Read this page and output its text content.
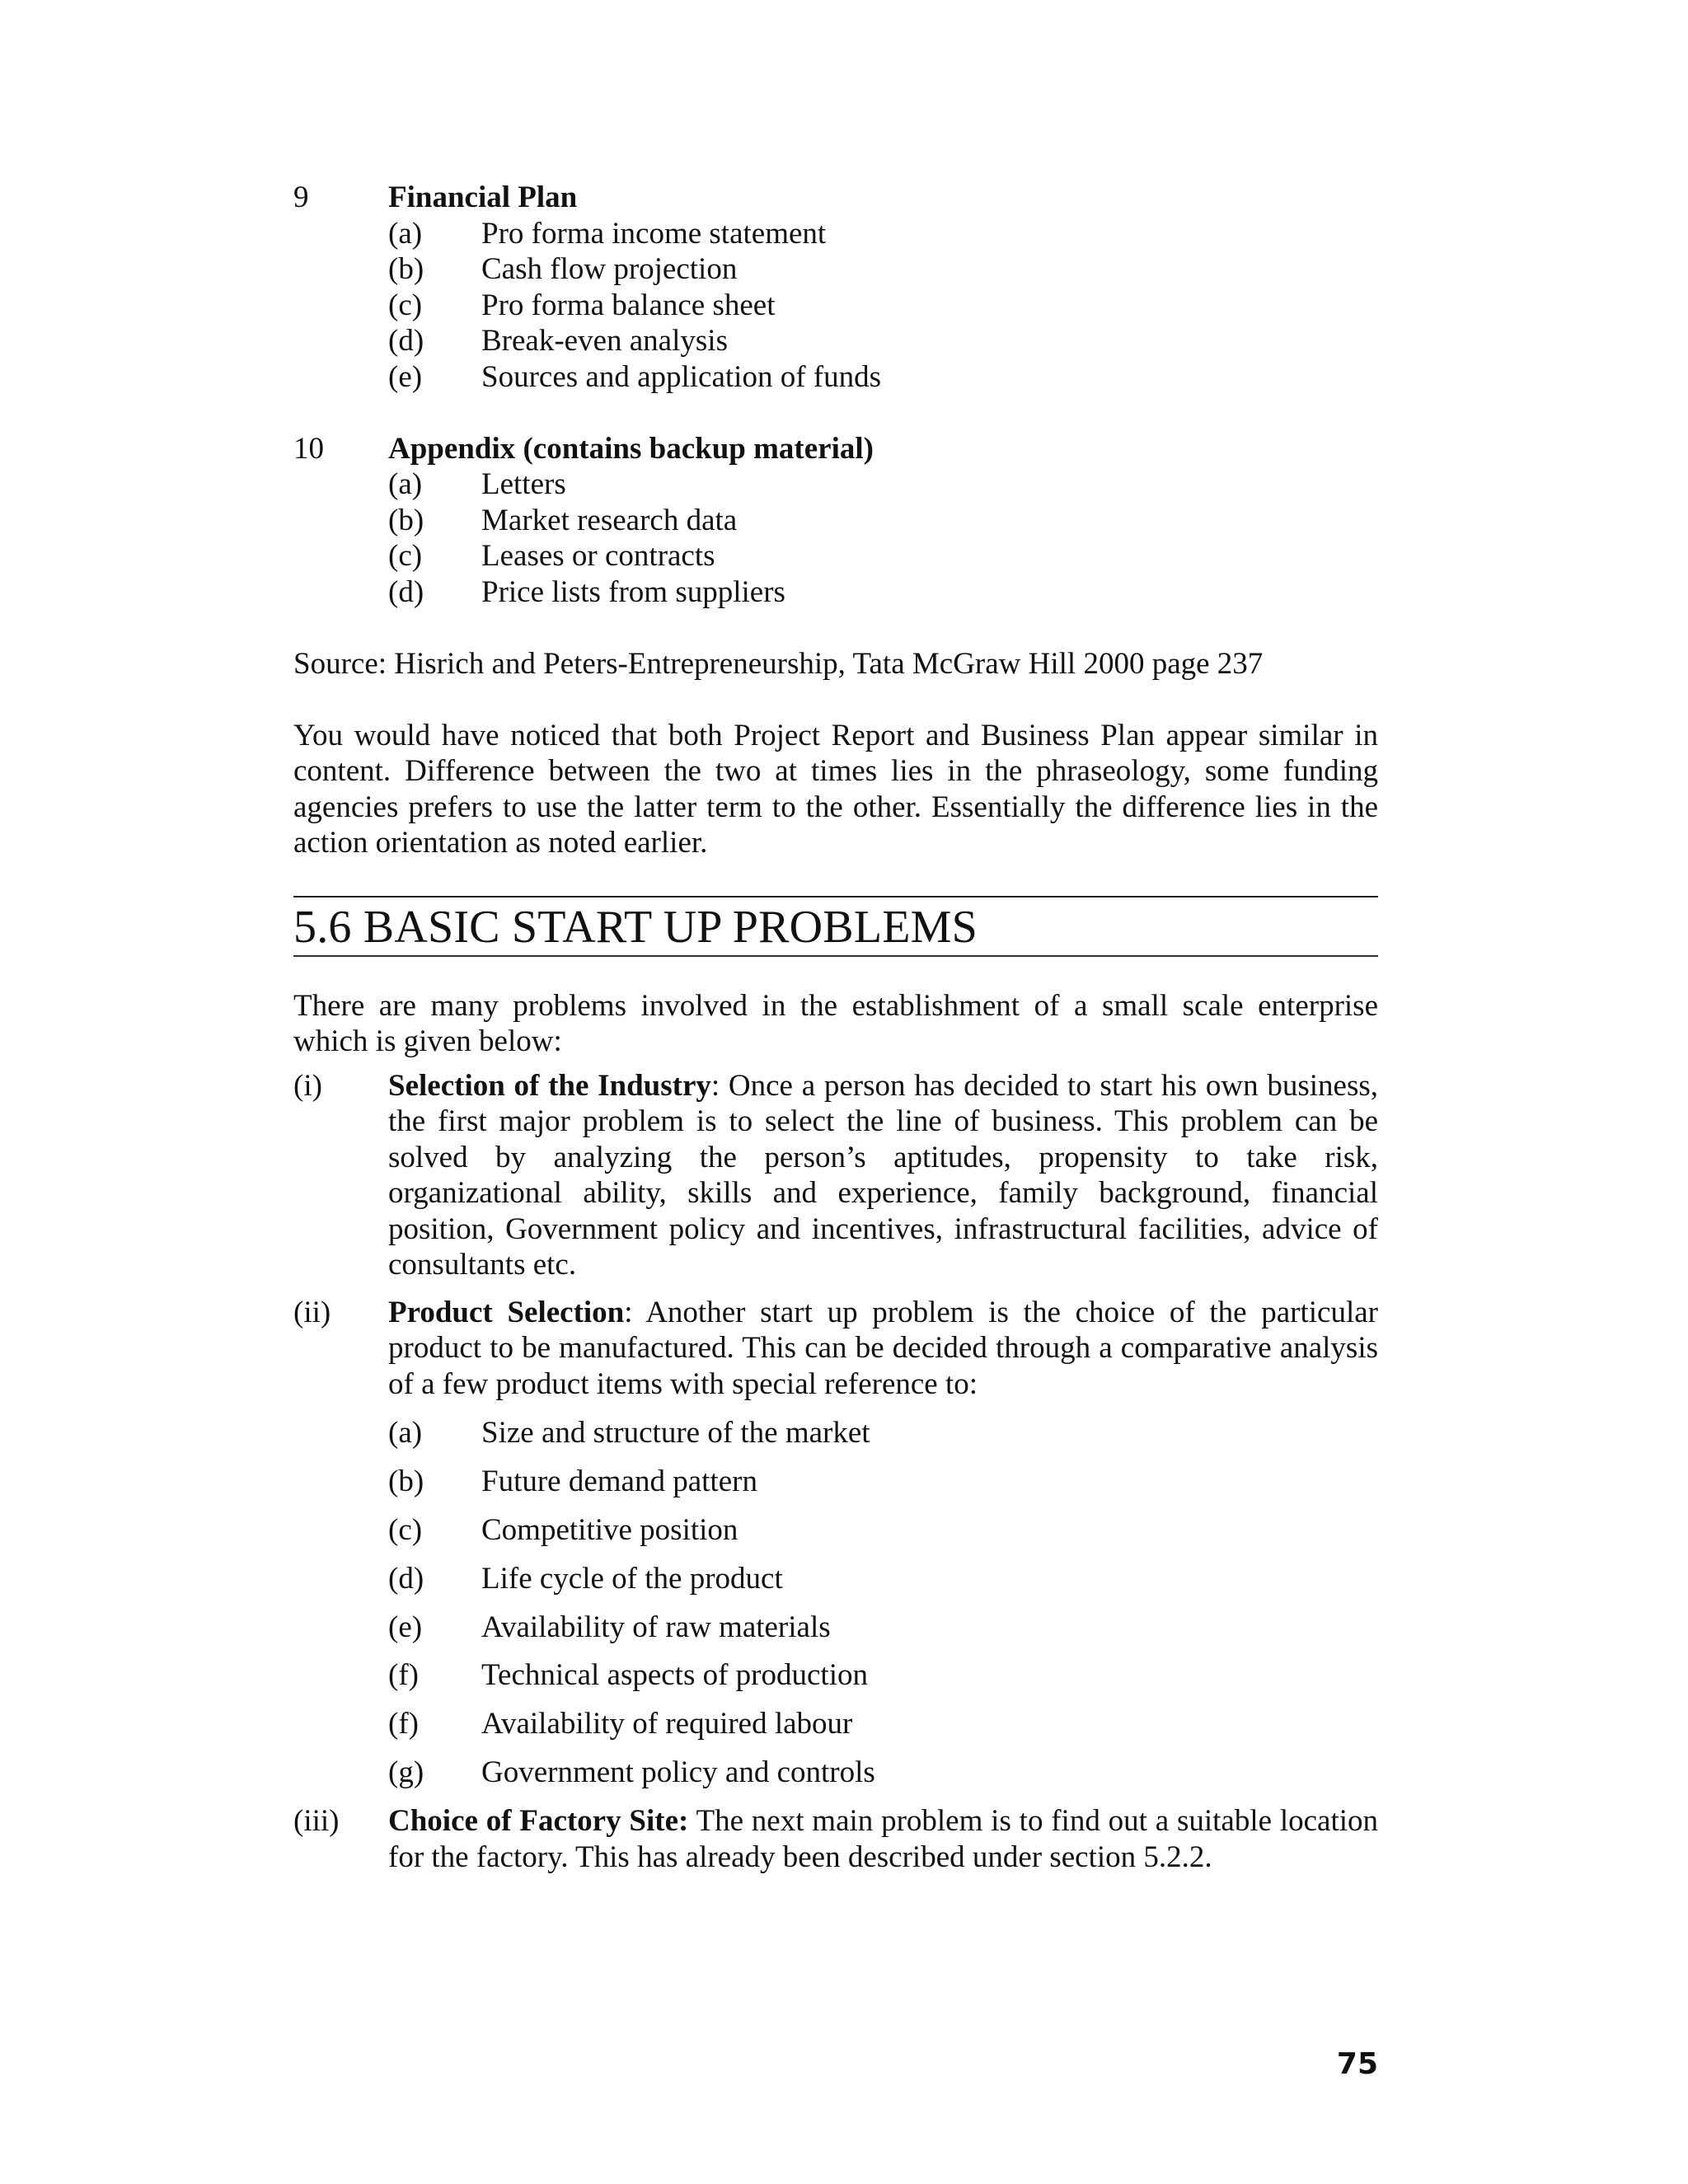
9	Financial Plan
(a)	Pro forma income statement
(b)	Cash flow projection
(c)	Pro forma balance sheet
(d)	Break-even analysis
(e)	Sources and application of funds
10	Appendix (contains backup material)
(a)	Letters
(b)	Market research data
(c)	Leases or contracts
(d)	Price lists from suppliers
Source: Hisrich and Peters-Entrepreneurship, Tata McGraw Hill 2000 page 237

You would have noticed that both Project Report and Business Plan appear similar in content. Difference between the two at times lies in the phraseology, some funding agencies prefers to use the latter term to the other. Essentially the difference lies in the action orientation as noted earlier.

5.6 BASIC START UP PROBLEMS

There are many problems involved in the establishment of a small scale enterprise which is given below:

(i)	Selection of the Industry: Once a person has decided to start his own business, the first major problem is to select the line of business. This problem can be solved by analyzing the person’s aptitudes, propensity to take risk, organizational ability, skills and experience, family background, financial position, Government policy and incentives, infrastructural facilities, advice of consultants etc.

(ii)	Product Selection: Another start up problem is the choice of the particular product to be manufactured. This can be decided through a comparative analysis of a few product items with special reference to:

(a)	Size and structure of the market
(b)	Future demand pattern
(c)	Competitive position
(d)	Life cycle of the product
(e)	Availability of raw materials
(f)	Technical aspects of production
(f)	Availability of required labour
(g)	Government policy and controls
(iii)	Choice of Factory Site: The next main problem is to find out a suitable location for the factory. This has already been described under section 5.2.2.

75
